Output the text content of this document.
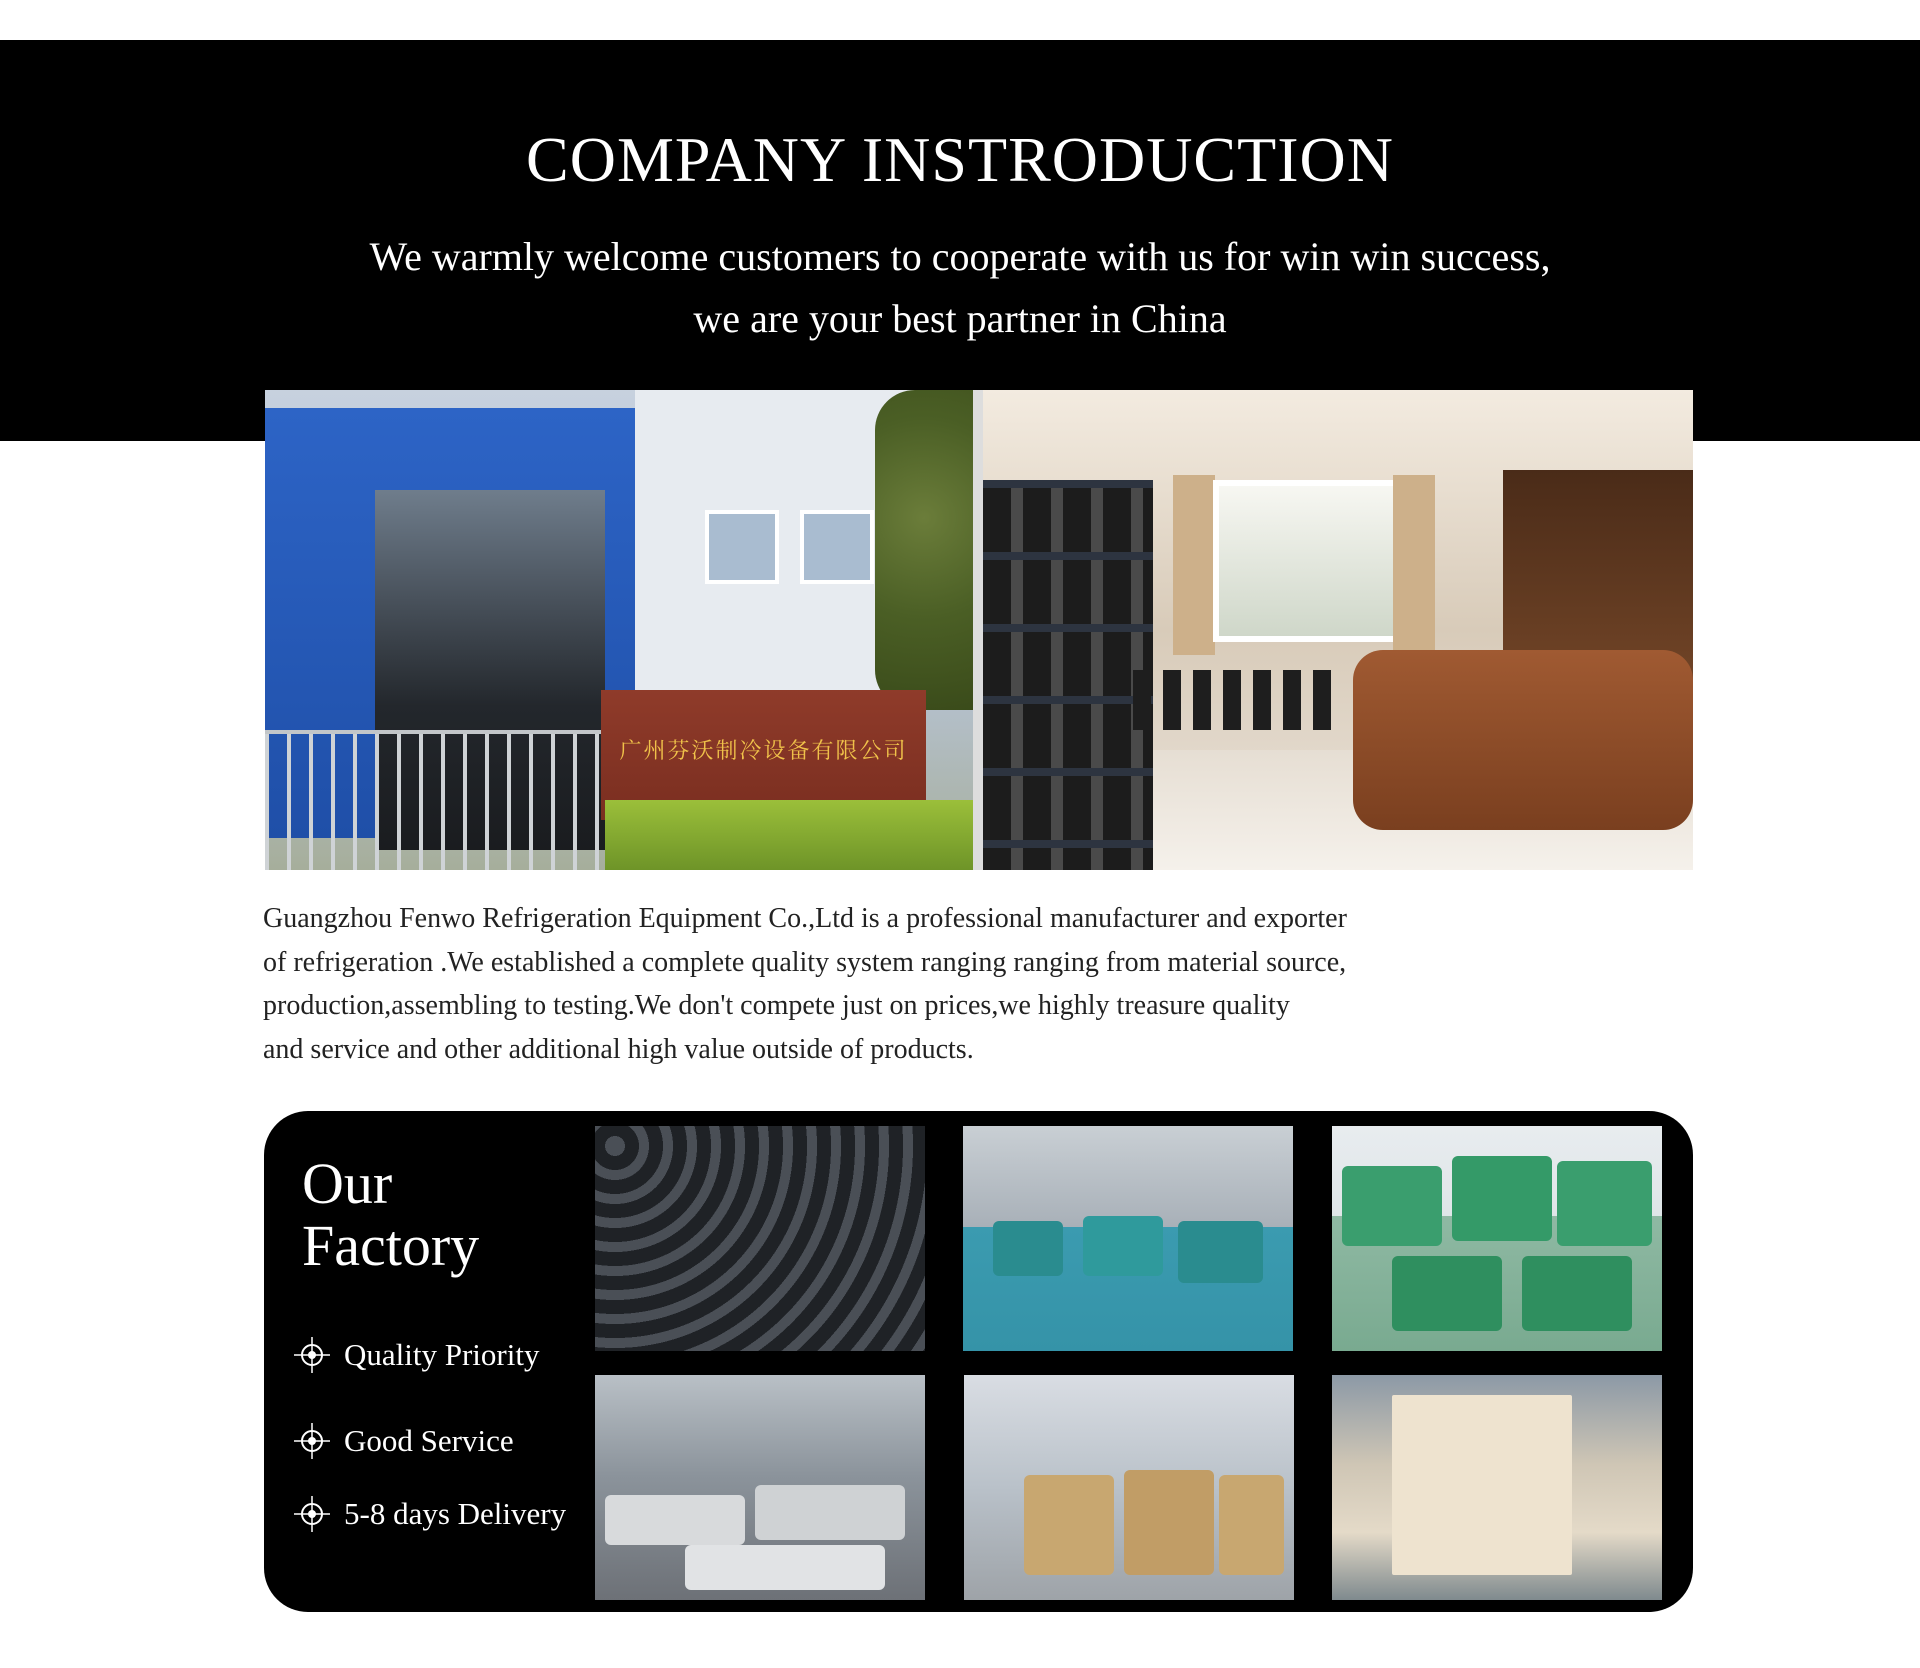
COMPANY INSTRODUCTION
We warmly welcome customers to cooperate with us for win win success,
we are your best partner in China
广州芬沃制冷设备有限公司
Guangzhou Fenwo Refrigeration Equipment Co.,Ltd is a professional manufacturer and exporter
of refrigeration .We established a complete quality system ranging ranging from material source,
production,assembling to testing.We don't compete just on prices,we highly treasure quality
and service and other additional high value outside of products.
Our
Factory
Quality Priority
Good Service
5-8 days Delivery
